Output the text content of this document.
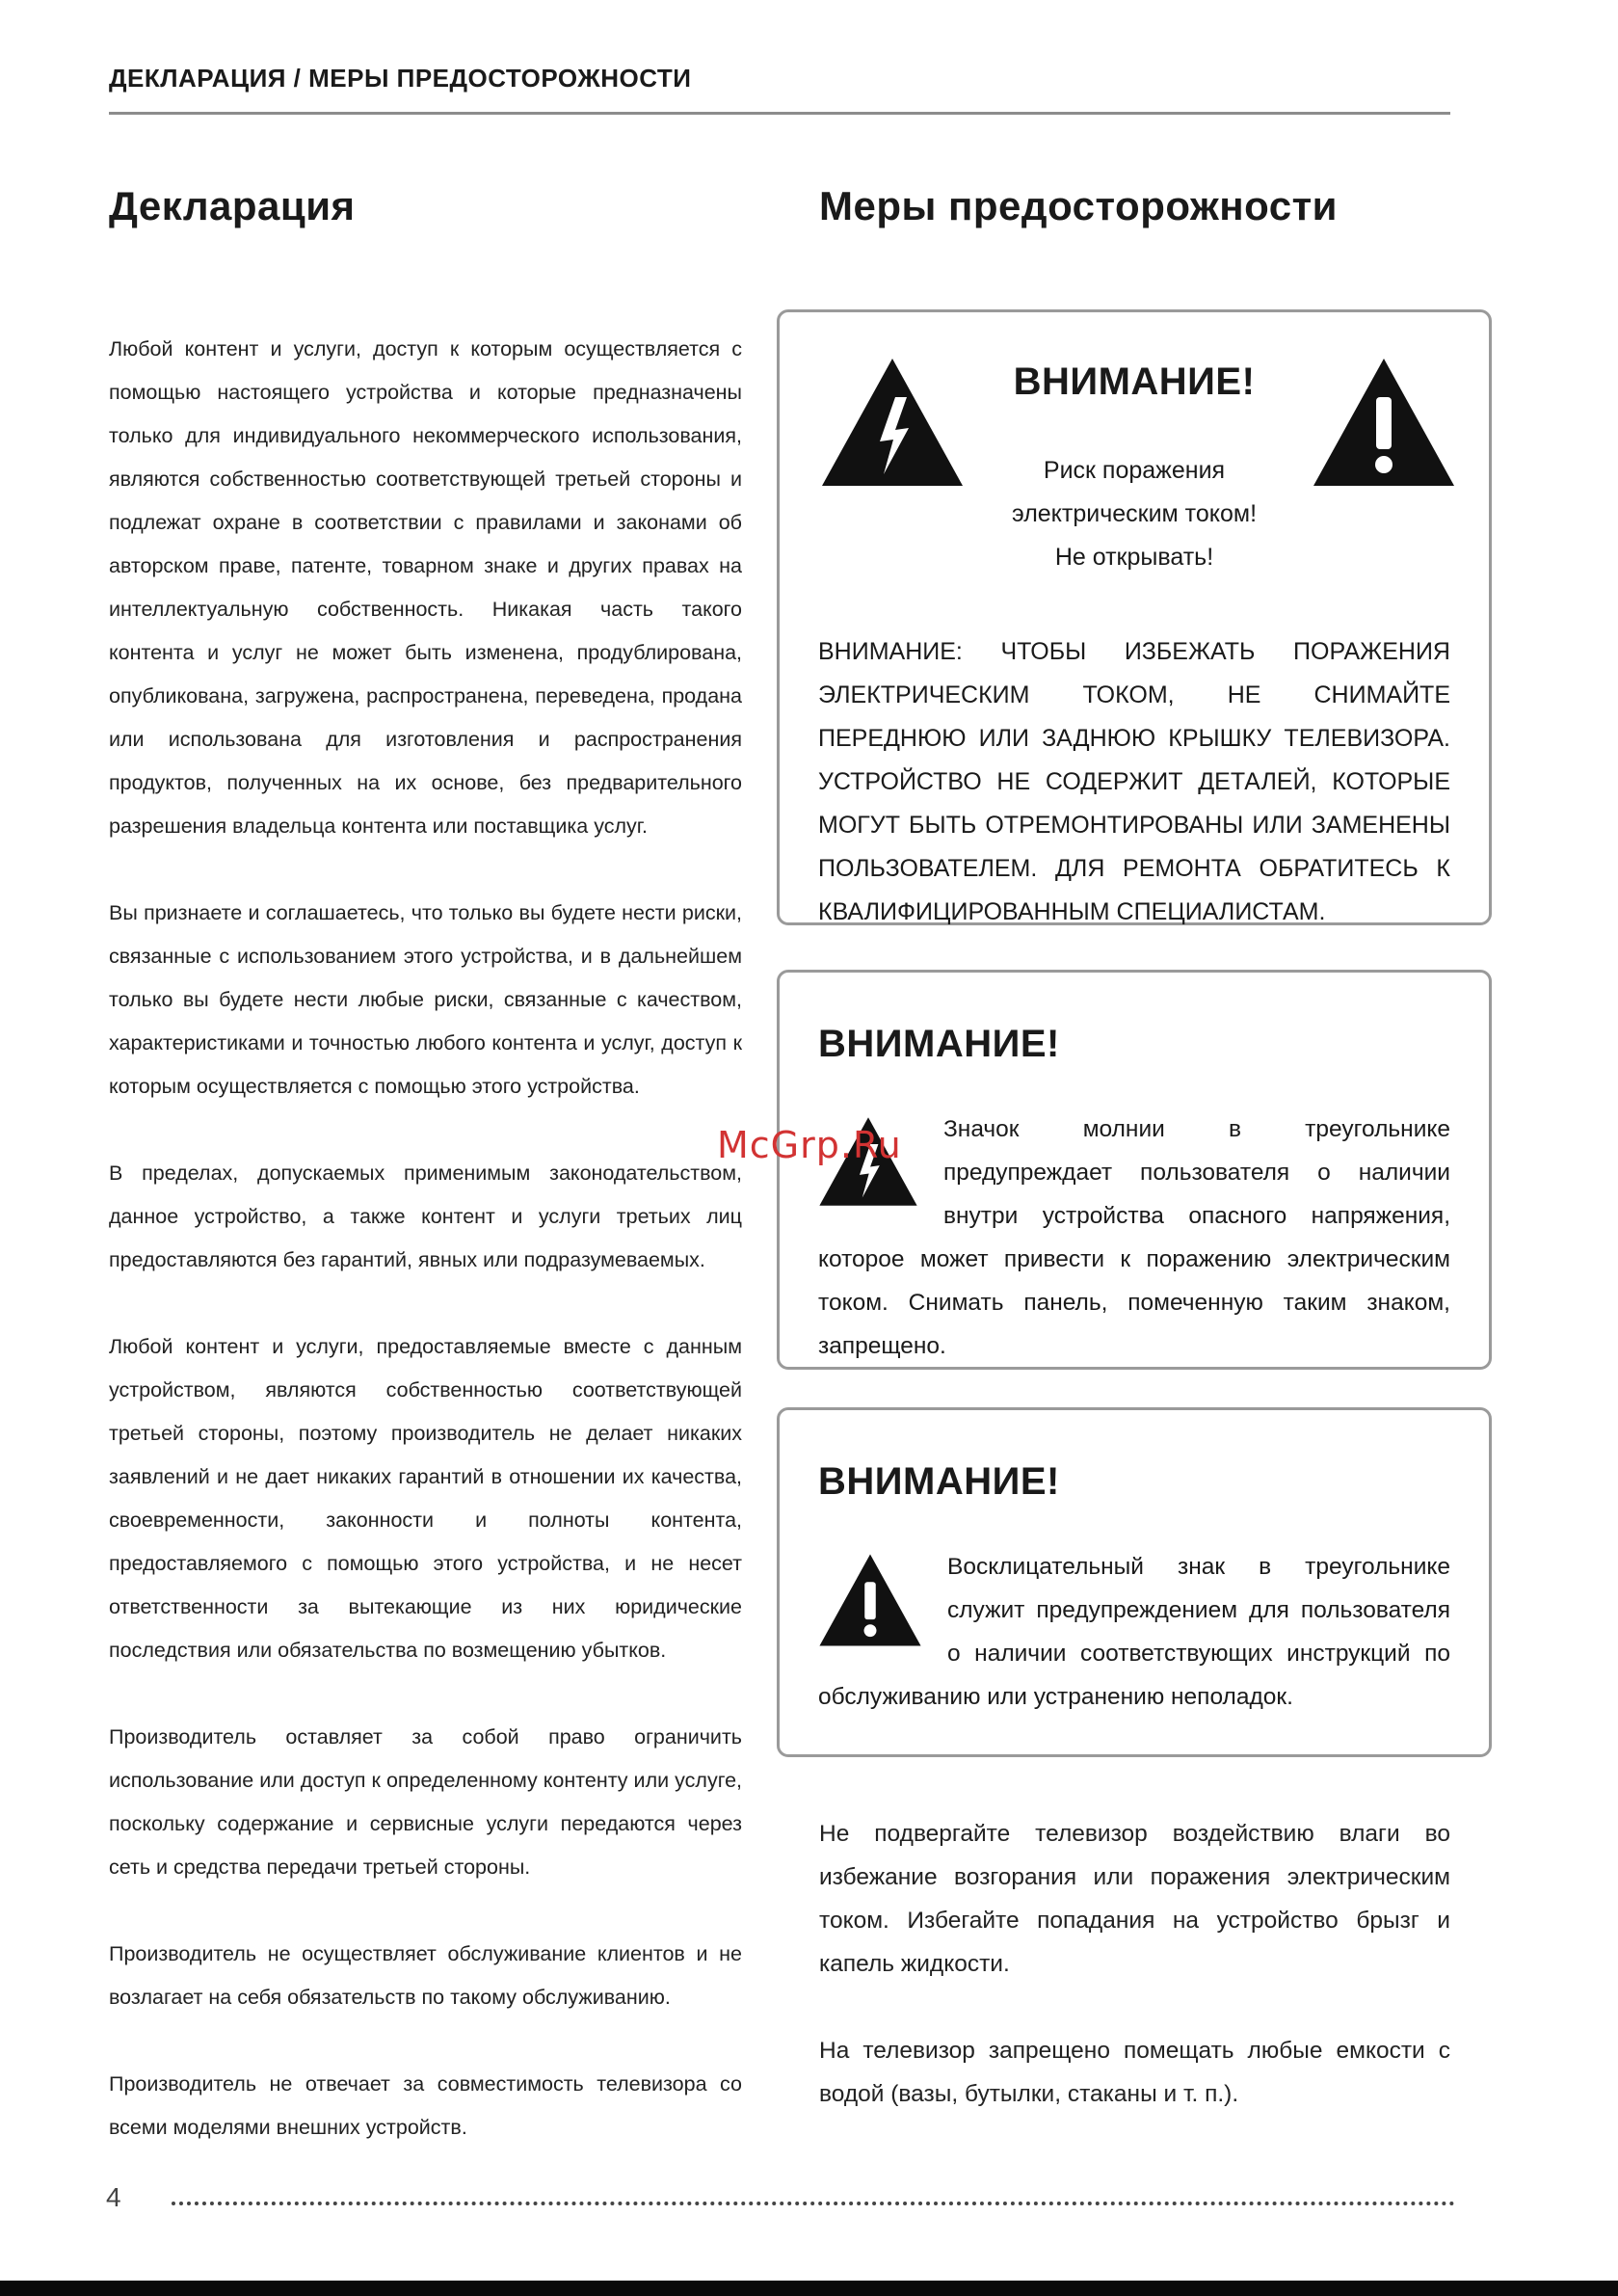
ДЕКЛАРАЦИЯ / МЕРЫ ПРЕДОСТОРОЖНОСТИ
Декларация	Меры предосторожности

Любой контент и услуги, доступ к которым осуществляется с помощью настоящего устройства и которые предназначены только для индивидуального некоммерческого использования, являются собственностью соответствующей третьей стороны и подлежат охране в соответствии с правилами и законами об авторском праве, патенте, товарном знаке и других правах на интеллектуальную собственность. Никакая часть такого контента и услуг не может быть изменена, продублирована, опубликована, загружена, распространена, переведена, продана или использована для изготовления и распространения продуктов, полученных на их основе, без предварительного разрешения владельца контента или поставщика услуг.

Вы признаете и соглашаетесь, что только вы будете нести риски, связанные с использованием этого устройства, и в дальнейшем только вы будете нести любые риски, связанные с качеством, характеристиками и точностью любого контента и услуг, доступ к которым осуществляется с помощью этого устройства.

В пределах, допускаемых применимым законодательством, данное устройство, а также контент и услуги третьих лиц предоставляются без гарантий, явных или подразумеваемых.

Любой контент и услуги, предоставляемые вместе с данным устройством, являются собственностью соответствующей третьей стороны, поэтому производитель не делает никаких заявлений и не дает никаких гарантий в отношении их качества, своевременности, законности и полноты контента, предоставляемого с помощью этого устройства, и не несет ответственности за вытекающие из них юридические последствия или обязательства по возмещению убытков.

Производитель оставляет за собой право ограничить использование или доступ к определенному контенту или услуге, поскольку содержание и сервисные услуги передаются через сеть и средства передачи третьей стороны.

Производитель не осуществляет обслуживание клиентов и не возлагает на себя обязательств по такому обслуживанию.

Производитель не отвечает за совместимость телевизора со всеми моделями внешних устройств.

ВНИМАНИЕ!
Риск поражения
электрическим током!
Не открывать!
ВНИМАНИЕ: ЧТОБЫ ИЗБЕЖАТЬ ПОРАЖЕНИЯ ЭЛЕКТРИЧЕСКИМ ТОКОМ, НЕ СНИМАЙТЕ ПЕРЕДНЮЮ ИЛИ ЗАДНЮЮ КРЫШКУ ТЕЛЕВИЗОРА. УСТРОЙСТВО НЕ СОДЕРЖИТ ДЕТАЛЕЙ, КОТОРЫЕ МОГУТ БЫТЬ ОТРЕМОНТИРОВАНЫ ИЛИ ЗАМЕНЕНЫ ПОЛЬЗОВАТЕЛЕМ. ДЛЯ РЕМОНТА ОБРАТИТЕСЬ К КВАЛИФИЦИРОВАННЫМ СПЕЦИАЛИСТАМ.
ВНИМАНИЕ!
Значок молнии в треугольнике предупреждает пользователя о наличии внутри устройства опасного напряжения, которое может привести к поражению электрическим током. Снимать панель, помеченную таким знаком, запрещено.
ВНИМАНИЕ!
Восклицательный знак в треугольнике служит предупреждением для пользователя о наличии соответствующих инструкций по обслуживанию или устранению неполадок.

Не подвергайте телевизор воздействию влаги во избежание возгорания или поражения электрическим током. Избегайте попадания на устройство брызг и капель жидкости.

На телевизор запрещено помещать любые емкости с водой (вазы, бутылки, стаканы и т. п.).

McGrp.Ru
4
